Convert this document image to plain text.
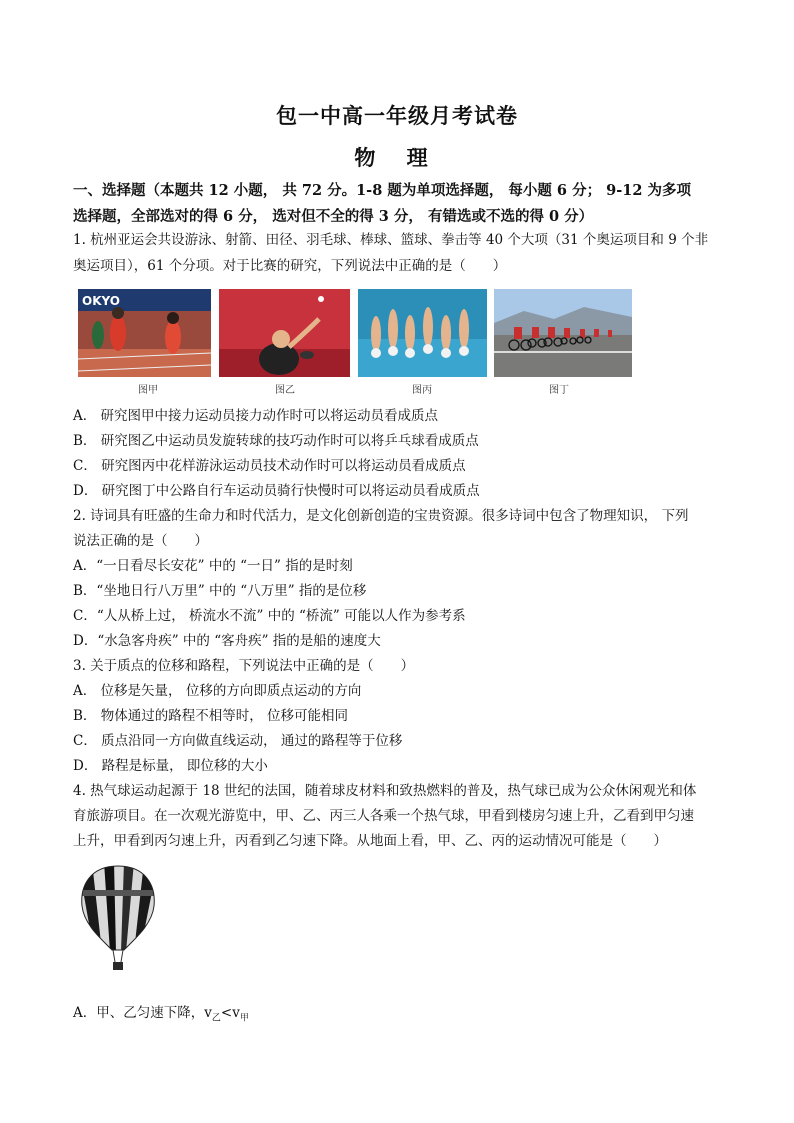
包一中高一年级月考试卷
物 理
一、选择题（本题共 12 小题， 共 72 分。1-8 题为单项选择题， 每小题 6 分； 9-12 为多项
选择题，全部选对的得 6 分， 选对但不全的得 3 分， 有错选或不选的得 0 分）
1. 杭州亚运会共设游泳、射箭、田径、羽毛球、棒球、篮球、拳击等 40 个大项（31 个奥运项目和 9 个非
奥运项目），61 个分项。对于比赛的研究，下列说法中正确的是（　　）
OKYO
图甲	图乙	图丙	图丁
A． 研究图甲中接力运动员接力动作时可以将运动员看成质点
B． 研究图乙中运动员发旋转球的技巧动作时可以将乒乓球看成质点
C． 研究图丙中花样游泳运动员技术动作时可以将运动员看成质点
D． 研究图丁中公路自行车运动员骑行快慢时可以将运动员看成质点
2. 诗词具有旺盛的生命力和时代活力，是文化创新创造的宝贵资源。很多诗词中包含了物理知识， 下列
说法正确的是（　　）
A．“一日看尽长安花” 中的 “一日” 指的是时刻
B．“坐地日行八万里” 中的 “八万里” 指的是位移
C．“人从桥上过， 桥流水不流” 中的 “桥流” 可能以人作为参考系
D．“水急客舟疾” 中的 “客舟疾” 指的是船的速度大
3. 关于质点的位移和路程，下列说法中正确的是（　　）
A． 位移是矢量， 位移的方向即质点运动的方向
B． 物体通过的路程不相等时， 位移可能相同
C． 质点沿同一方向做直线运动， 通过的路程等于位移
D． 路程是标量， 即位移的大小
4. 热气球运动起源于 18 世纪的法国，随着球皮材料和致热燃料的普及，热气球已成为公众休闲观光和体
育旅游项目。在一次观光游览中，甲、乙、丙三人各乘一个热气球，甲看到楼房匀速上升，乙看到甲匀速
上升，甲看到丙匀速上升，丙看到乙匀速下降。从地面上看，甲、乙、丙的运动情况可能是（　　）
A．甲、乙匀速下降，$v_乙<v_甲$
